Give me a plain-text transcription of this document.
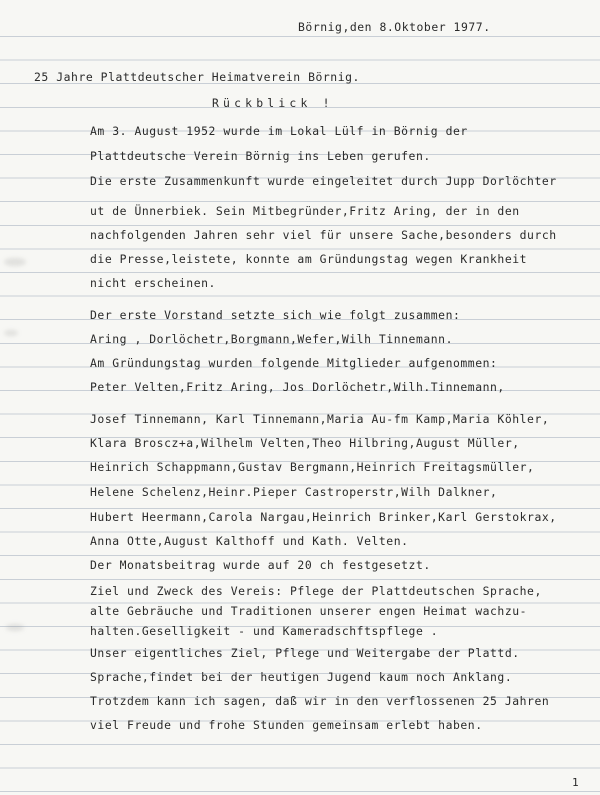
Börnig,den 8.Oktober 1977.
25 Jahre Plattdeutscher Heimatverein Börnig.
Rückblick !
Am 3. August 1952 wurde im Lokal Lülf in Börnig der
Plattdeutsche Verein Börnig ins Leben gerufen.
Die erste Zusammenkunft wurde eingeleitet durch Jupp Dorlöchter
ut de Ünnerbiek. Sein Mitbegründer,Fritz Aring, der in den
nachfolgenden Jahren sehr viel für unsere Sache,besonders durch
die Presse,leistete, konnte am Gründungstag wegen Krankheit
nicht erscheinen.
Der erste Vorstand setzte sich wie folgt zusammen:
Aring , Dorlöchetr,Borgmann,Wefer,Wilh Tinnemann.
Am Gründungstag wurden folgende Mitglieder aufgenommen:
Peter Velten,Fritz Aring, Jos Dorlöchetr,Wilh.Tinnemann,
Josef Tinnemann, Karl Tinnemann,Maria Au-fm Kamp,Maria Köhler,
Klara Broscz+a,Wilhelm Velten,Theo Hilbring,August Müller,
Heinrich Schappmann,Gustav Bergmann,Heinrich Freitagsmüller,
Helene Schelenz,Heinr.Pieper Castroperstr,Wilh Dalkner,
Hubert Heermann,Carola Nargau,Heinrich Brinker,Karl Gerstokrax,
Anna Otte,August Kalthoff und Kath. Velten.
Der Monatsbeitrag wurde auf 20 ch festgesetzt.
Ziel und Zweck des Vereis: Pflege der Plattdeutschen Sprache,
alte Gebräuche und Traditionen unserer engen Heimat wachzu-
halten.Geselligkeit - und Kameradschftspflege .
Unser eigentliches Ziel, Pflege und Weitergabe der Plattd.
Sprache,findet bei der heutigen Jugend kaum noch Anklang.
Trotzdem kann ich sagen, daß wir in den verflossenen 25 Jahren
viel Freude und frohe Stunden gemeinsam erlebt haben.
1
